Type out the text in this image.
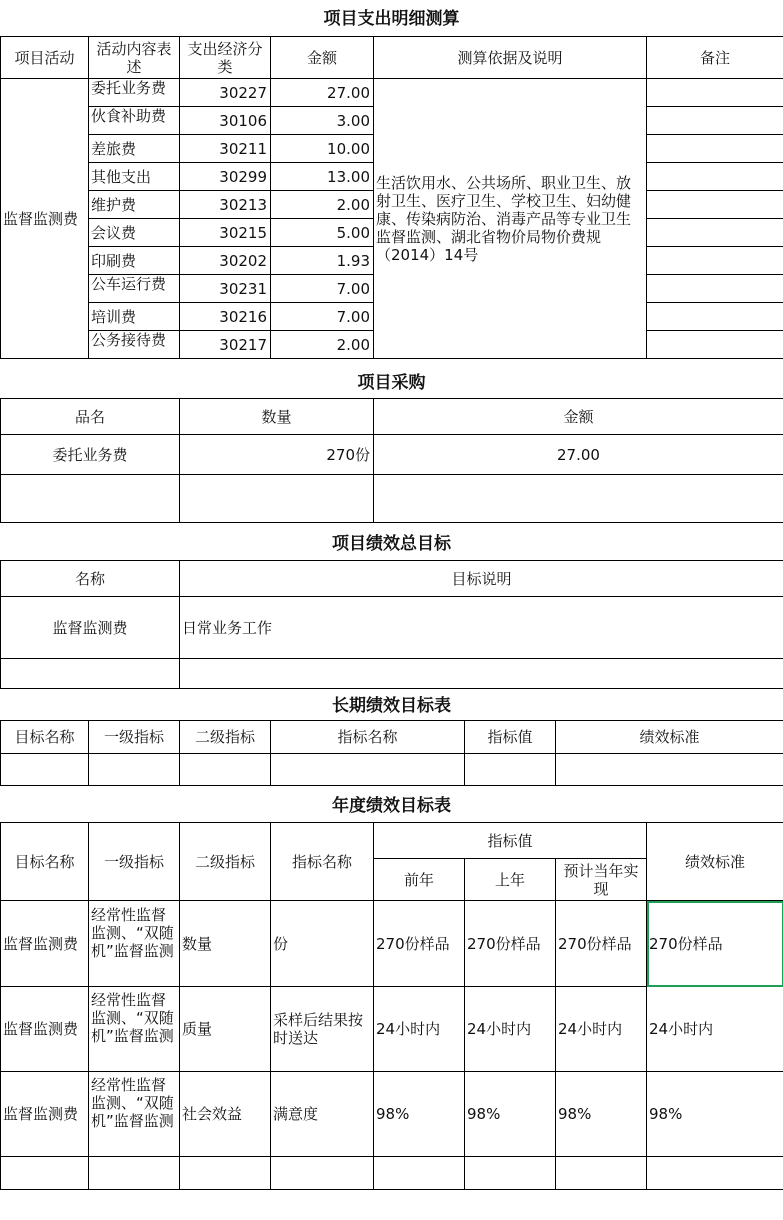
项目支出明细测算
项目活动	活动内容表述	支出经济分类	金额	测算依据及说明	备注
监督监测费	委托业务费	30227	27.00	生活饮用水、公共场所、职业卫生、放射卫生、医疗卫生、学校卫生、妇幼健康、传染病防治、消毒产品等专业卫生监督监测、湖北省物价局物价费规（2014）14号	

	伙食补助费	30106	3.00		
	差旅费	30211	10.00		
	其他支出	30299	13.00		
	维护费	30213	2.00		
	会议费	30215	5.00		
	印刷费	30202	1.93		

	公车运行费	30231	7.00		
	培训费	30216	7.00		

	公务接待费	30217	2.00		
项目采购
品名	数量	金额
委托业务费	270份	27.00

项目绩效总目标
名称	目标说明
监督监测费	日常业务工作

长期绩效目标表
目标名称	一级指标	二级指标	指标名称	指标值	绩效标准

年度绩效目标表
目标名称	一级指标	二级指标	指标名称	指标值			绩效标准
				前年	上年	预计当年实现	
监督监测费	经常性监督监测、“双随机”监督监测	数量	份	270份样品	270份样品	270份样品	270份样品
监督监测费	经常性监督监测、“双随机”监督监测	质量	采样后结果按时送达	24小时内	24小时内	24小时内	24小时内
监督监测费	经常性监督监测、“双随机”监督监测	社会效益	满意度	98%	98%	98%	98%
